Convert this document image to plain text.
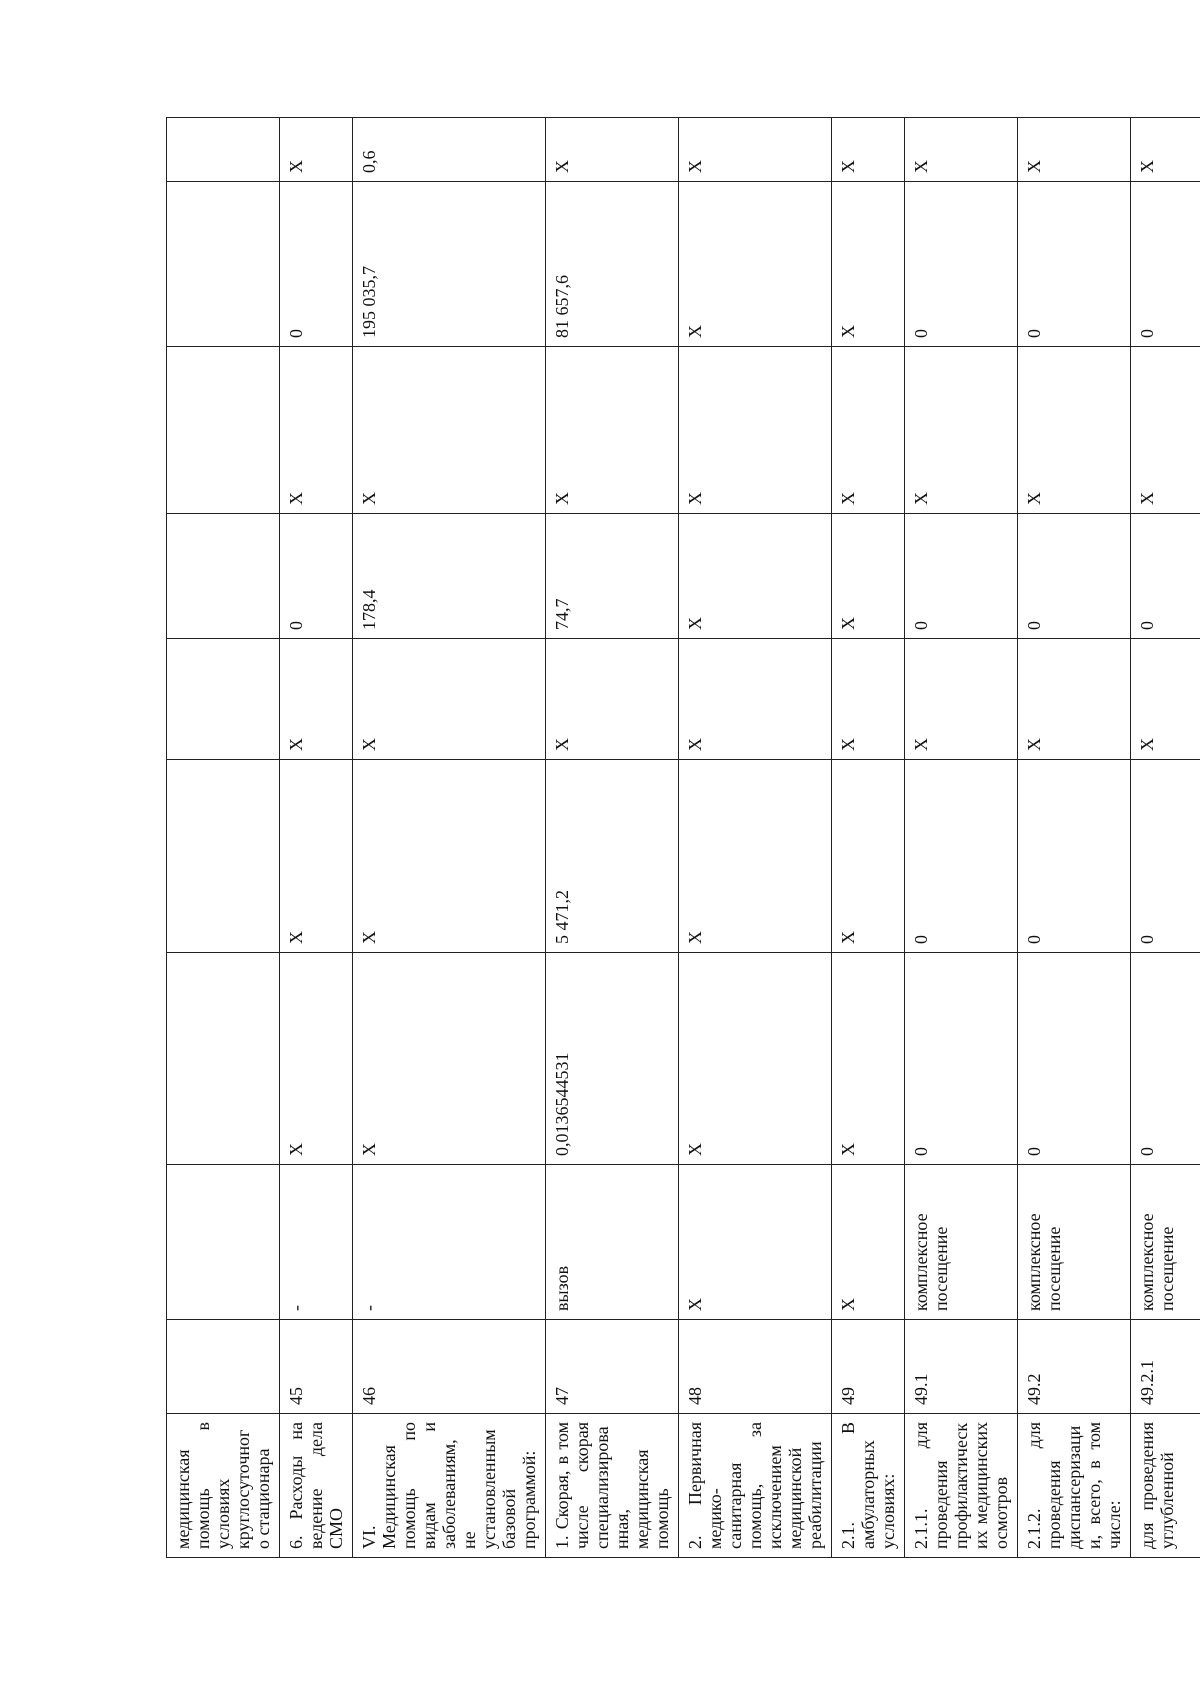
медицинская помощь в условиях круглосуточного стационара									
6. Расходы на ведение дела СМО	45	-	X	X	X	0	X	0	X
VI. Медицинская помощь по видам и заболеваниям, не установленным базовой программой:	46	-	X	X	X	178,4	X	195 035,7	0,6
1. Скорая, в том числе скорая специализированная, медицинская помощь	47	вызов	0,0136544531	5 471,2	X	74,7	X	81 657,6	X
2. Первичная медико-санитарная помощь, за исключением медицинской реабилитации	48	X	X	X	X	X	X	X	X
2.1. В амбулаторных условиях:	49	X	X	X	X	X	X	X	X
2.1.1. для проведения профилактических медицинских осмотров	49.1	комплексное посещение	0	0	X	0	X	0	X
2.1.2. для проведения диспансеризации, всего, в том числе:	49.2	комплексное посещение	0	0	X	0	X	0	X
для проведения углубленной	49.2.1	комплексное посещение	0	0	X	0	X	0	X
